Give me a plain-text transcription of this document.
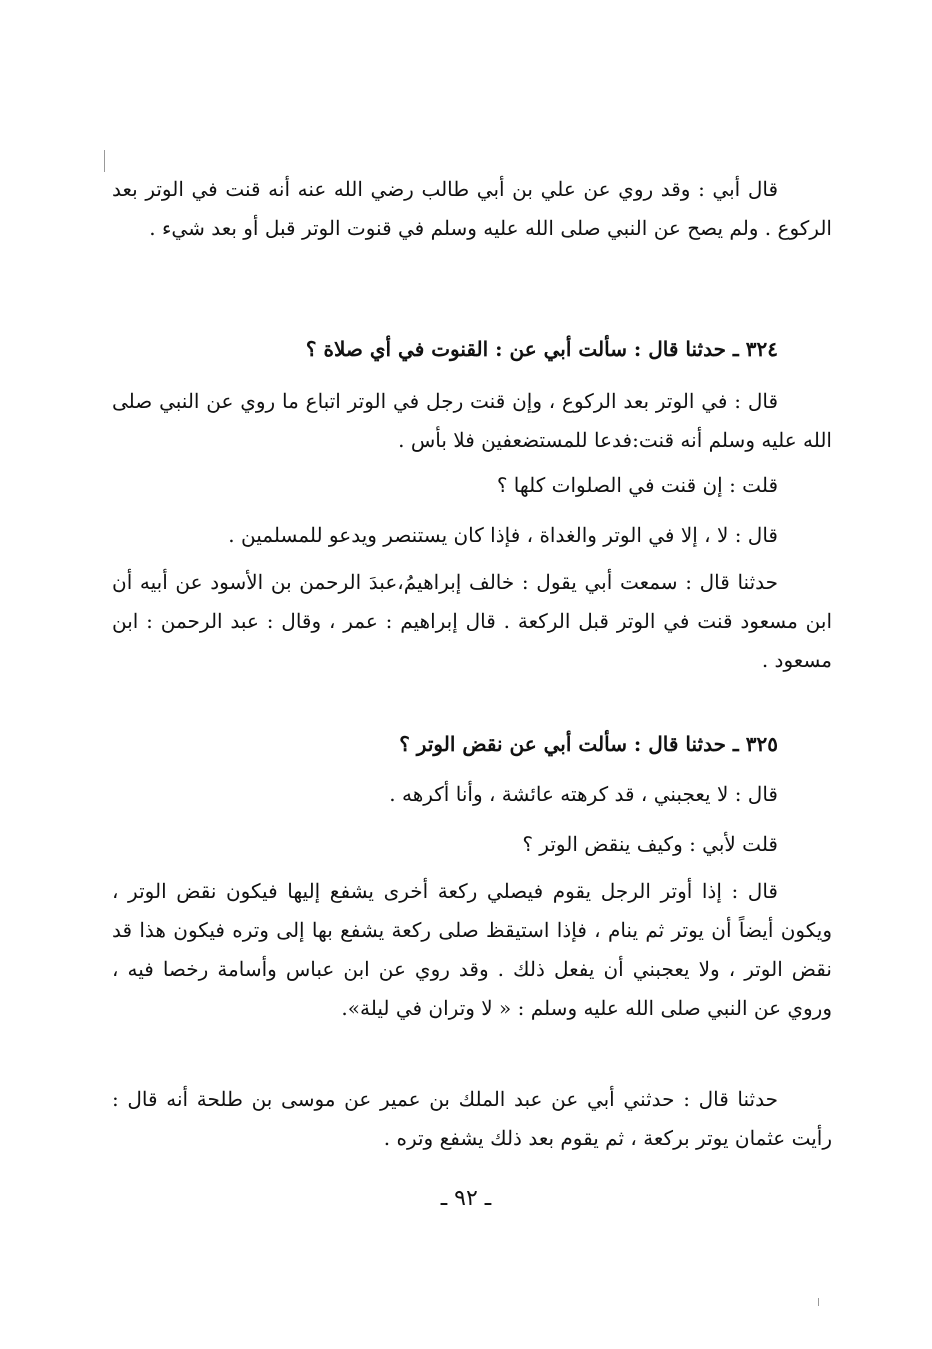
قال أبي : وقد روي عن علي بن أبي طالب رضي الله عنه أنه قنت في الوتر بعد الركوع . ولم يصح عن النبي صلى الله عليه وسلم في قنوت الوتر قبل أو بعد شيء .

٣٢٤ ـ حدثنا قال : سألت أبي عن : القنوت في أي صلاة ؟

قال : في الوتر بعد الركوع ، وإن قنت رجل في الوتر اتباع ما روي عن النبي صلى الله عليه وسلم أنه قنت:فدعا للمستضعفين فلا بأس .

قلت : إن قنت في الصلوات كلها ؟

قال : لا ، إلا في الوتر والغداة ، فإذا كان يستنصر ويدعو للمسلمين .

حدثنا قال : سمعت أبي يقول : خالف إبراهيمُ،عبدَ الرحمن بن الأسود عن أبيه أن ابن مسعود قنت في الوتر قبل الركعة . قال إبراهيم : عمر ، وقال : عبد الرحمن : ابن مسعود .

٣٢٥ ـ حدثنا قال : سألت أبي عن نقض الوتر ؟

قال : لا يعجبني ، قد كرهته عائشة ، وأنا أكرهه .

قلت لأبي : وكيف ينقض الوتر ؟

قال : إذا أوتر الرجل يقوم فيصلي ركعة أخرى يشفع إليها فيكون نقض الوتر ، ويكون أيضاً أن يوتر ثم ينام ، فإذا استيقظ صلى ركعة يشفع بها إلى وتره فيكون هذا قد نقض الوتر ، ولا يعجبني أن يفعل ذلك . وقد روي عن ابن عباس وأسامة رخصا فيه ، وروي عن النبي صلى الله عليه وسلم : « لا وتران في ليلة».

حدثنا قال : حدثني أبي عن عبد الملك بن عمير عن موسى بن طلحة أنه قال : رأيت عثمان يوتر بركعة ، ثم يقوم بعد ذلك يشفع وتره .

ـ ٩٢ ـ
